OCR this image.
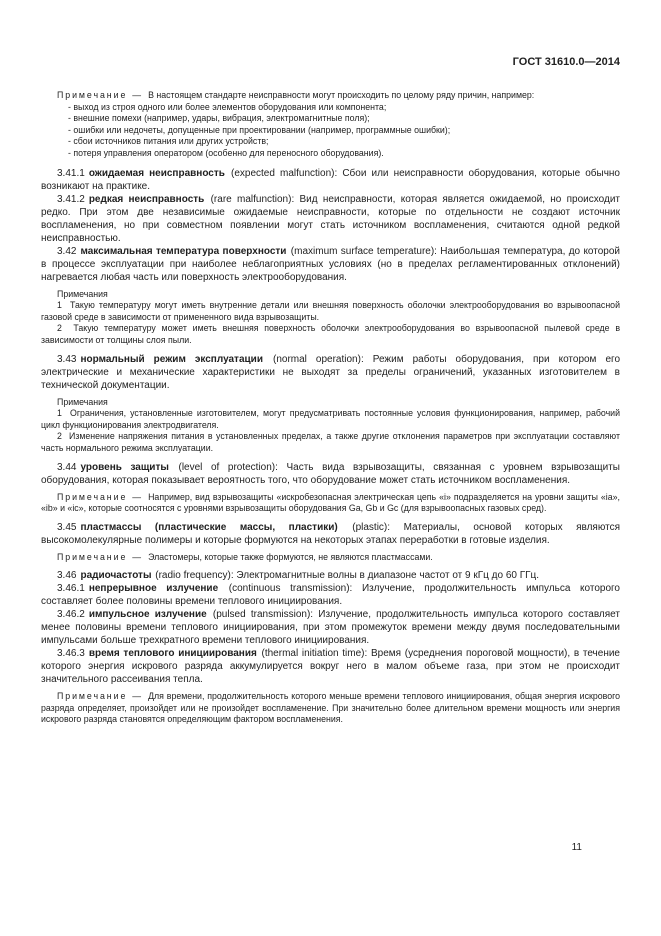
ГОСТ 31610.0—2014

Примечание — В настоящем стандарте неисправности могут происходить по целому ряду причин, например:

- выход из строя одного или более элементов оборудования или компонента;

- внешние помехи (например, удары, вибрация, электромагнитные поля);

- ошибки или недочеты, допущенные при проектировании (например, программные ошибки);

- сбои источников питания или других устройств;

- потеря управления оператором (особенно для переносного оборудования).

3.41.1 ожидаемая неисправность (expected malfunction): Сбои или неисправности оборудования, которые обычно возникают на практике.

3.41.2 редкая неисправность (rare malfunction): Вид неисправности, которая является ожидаемой, но происходит редко. При этом две независимые ожидаемые неисправности, которые по отдельности не создают источник воспламенения, но при совместном появлении могут стать источником воспламенения, считаются одной редкой неисправностью.

3.42 максимальная температура поверхности (maximum surface temperature): Наибольшая температура, до которой в процессе эксплуатации при наиболее неблагоприятных условиях (но в пределах регламентированных отклонений) нагревается любая часть или поверхность электрооборудования.

Примечания

1  Такую температуру могут иметь внутренние детали или внешняя поверхность оболочки электрооборудования во взрывоопасной газовой среде в зависимости от примененного вида взрывозащиты.

2  Такую температуру может иметь внешняя поверхность оболочки электрооборудования во взрывоопасной пылевой среде в зависимости от толщины слоя пыли.

3.43 нормальный режим эксплуатации (normal operation): Режим работы оборудования, при котором его электрические и механические характеристики не выходят за пределы ограничений, указанных изготовителем в технической документации.

Примечания

1  Ограничения, установленные изготовителем, могут предусматривать постоянные условия функционирования, например, рабочий цикл функционирования электродвигателя.

2  Изменение напряжения питания в установленных пределах, а также другие отклонения параметров при эксплуатации составляют часть нормального режима эксплуатации.

3.44 уровень защиты (level of protection): Часть вида взрывозащиты, связанная с уровнем взрывозащиты оборудования, которая показывает вероятность того, что оборудование может стать источником воспламенения.

Примечание — Например, вид взрывозащиты «искробезопасная электрическая цепь «i» подразделяется на уровни защиты «ia», «ib» и «ic», которые соотносятся с уровнями взрывозащиты оборудования Ga, Gb и Gc (для взрывоопасных газовых сред).

3.45 пластмассы (пластические массы, пластики) (plastic): Материалы, основой которых являются высокомолекулярные полимеры и которые формуются на некоторых этапах переработки в готовые изделия.

Примечание — Эластомеры, которые также формуются, не являются пластмассами.

3.46 радиочастоты (radio frequency): Электромагнитные волны в диапазоне частот от 9 кГц до 60 ГГц.

3.46.1 непрерывное излучение (continuous transmission): Излучение, продолжительность импульса которого составляет более половины времени теплового инициирования.

3.46.2 импульсное излучение (pulsed transmission): Излучение, продолжительность импульса которого составляет менее половины времени теплового инициирования, при этом промежуток времени между двумя последовательными импульсами больше трехкратного времени теплового инициирования.

3.46.3 время теплового инициирования (thermal initiation time): Время (усреднения пороговой мощности), в течение которого энергия искрового разряда аккумулируется вокруг него в малом объеме газа, при этом не происходит значительного рассеивания тепла.

Примечание — Для времени, продолжительность которого меньше времени теплового инициирования, общая энергия искрового разряда определяет, произойдет или не произойдет воспламенение. При значительно более длительном времени мощность или энергия искрового разряда становятся определяющим фактором воспламенения.

11
